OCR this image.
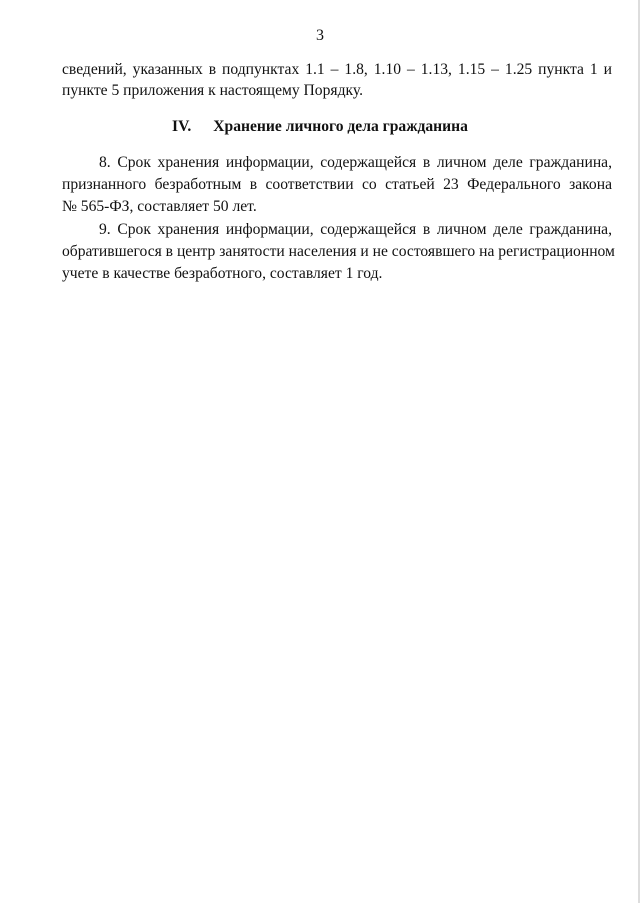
3
сведений, указанных в подпунктах 1.1 – 1.8, 1.10 – 1.13, 1.15 – 1.25 пункта 1 и
пункте 5 приложения к настоящему Порядку.
IV. Хранение личного дела гражданина
8. Срок хранения информации, содержащейся в личном деле гражданина,
признанного безработным в соответствии со статьей 23 Федерального закона
№ 565-ФЗ, составляет 50 лет.
9. Срок хранения информации, содержащейся в личном деле гражданина,
обратившегося в центр занятости населения и не состоявшего на регистрационном
учете в качестве безработного, составляет 1 год.
